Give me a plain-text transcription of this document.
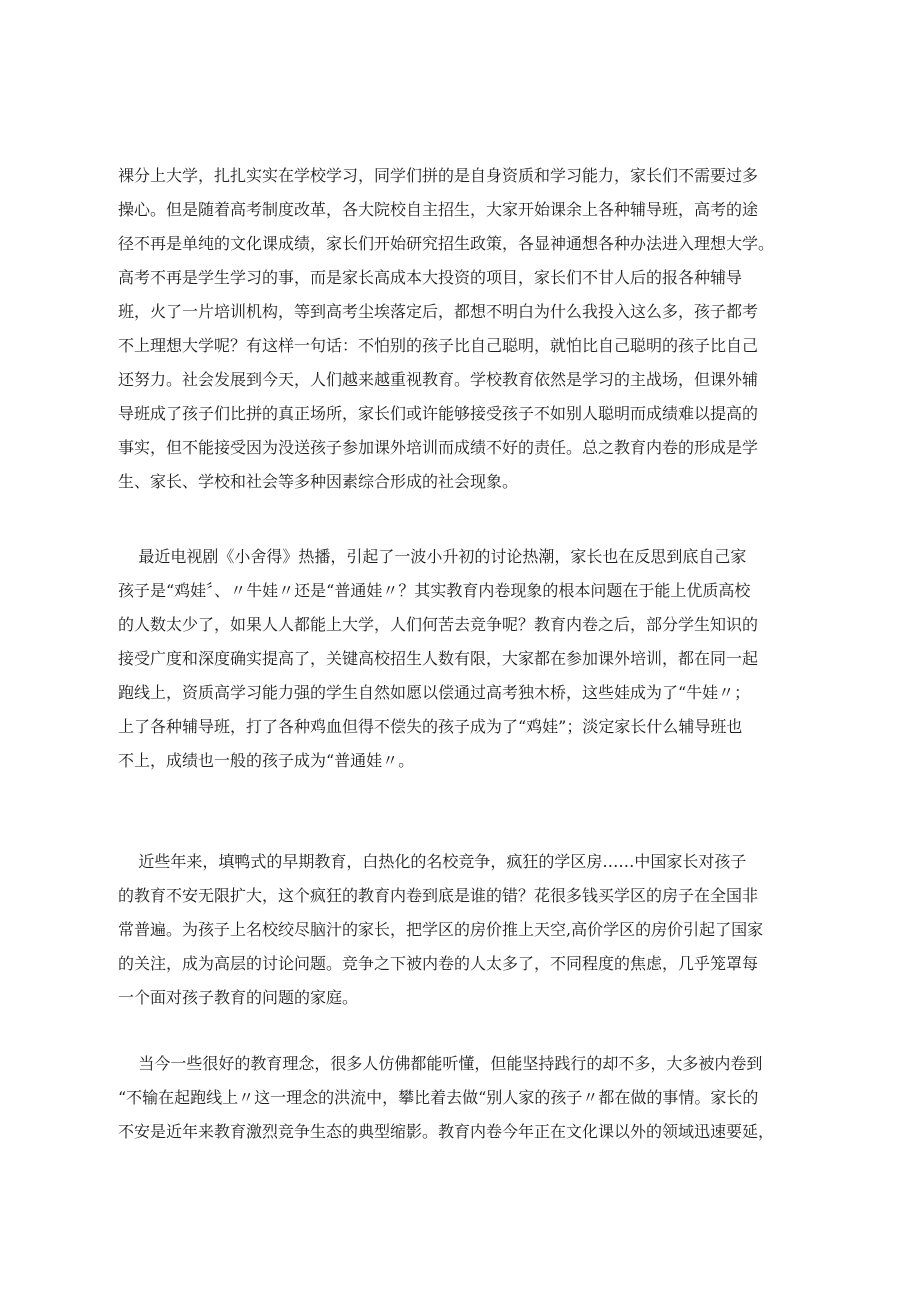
裸分上大学，扎扎实实在学校学习，同学们拼的是自身资质和学习能力，家长们不需要过多
操心。但是随着高考制度改革，各大院校自主招生，大家开始课余上各种辅导班，高考的途
径不再是单纯的文化课成绩，家长们开始研究招生政策，各显神通想各种办法进入理想大学。
高考不再是学生学习的事，而是家长高成本大投资的项目，家长们不甘人后的报各种辅导
班，火了一片培训机构，等到高考尘埃落定后，都想不明白为什么我投入这么多，孩子都考
不上理想大学呢？有这样一句话：不怕别的孩子比自己聪明，就怕比自己聪明的孩子比自己
还努力。社会发展到今天，人们越来越重视教育。学校教育依然是学习的主战场，但课外辅
导班成了孩子们比拼的真正场所，家长们或许能够接受孩子不如别人聪明而成绩难以提高的
事实，但不能接受因为没送孩子参加课外培训而成绩不好的责任。总之教育内卷的形成是学
生、家长、学校和社会等多种因素综合形成的社会现象。
最近电视剧《小舍得》热播，引起了一波小升初的讨论热潮，家长也在反思到底自己家
孩子是“鸡娃〞、〃牛娃〃还是“普通娃〃？其实教育内卷现象的根本问题在于能上优质高校
的人数太少了，如果人人都能上大学，人们何苦去竞争呢？教育内卷之后，部分学生知识的
接受广度和深度确实提高了，关键高校招生人数有限，大家都在参加课外培训，都在同一起
跑线上，资质高学习能力强的学生自然如愿以偿通过高考独木桥，这些娃成为了“牛娃〃；
上了各种辅导班，打了各种鸡血但得不偿失的孩子成为了“鸡娃”；淡定家长什么辅导班也
不上，成绩也一般的孩子成为“普通娃〃。
近些年来，填鸭式的早期教育，白热化的名校竞争，疯狂的学区房……中国家长对孩子
的教育不安无限扩大，这个疯狂的教育内卷到底是谁的错？花很多钱买学区的房子在全国非
常普遍。为孩子上名校绞尽脑汁的家长，把学区的房价推上天空,高价学区的房价引起了国家
的关注，成为高层的讨论问题。竞争之下被内卷的人太多了，不同程度的焦虑，几乎笼罩每
一个面对孩子教育的问题的家庭。
当今一些很好的教育理念，很多人仿佛都能听懂，但能坚持践行的却不多，大多被内卷到
“不输在起跑线上〃这一理念的洪流中，攀比着去做“别人家的孩子〃都在做的事情。家长的
不安是近年来教育激烈竞争生态的典型缩影。教育内卷今年正在文化课以外的领域迅速要延，
